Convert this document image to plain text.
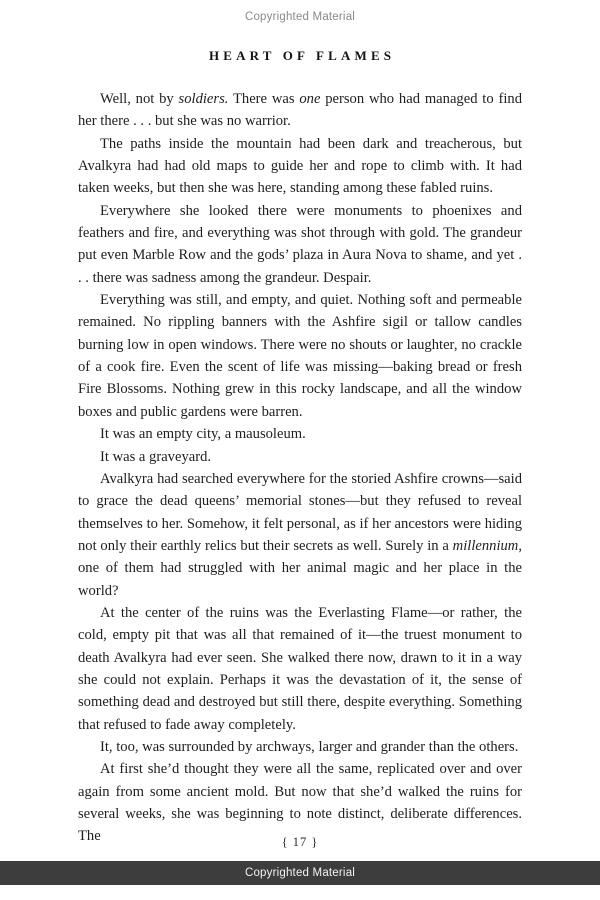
Copyrighted Material
HEART OF FLAMES

Well, not by soldiers. There was one person who had managed to find her there . . . but she was no warrior.

The paths inside the mountain had been dark and treacherous, but Avalkyra had had old maps to guide her and rope to climb with. It had taken weeks, but then she was here, standing among these fabled ruins.

Everywhere she looked there were monuments to phoenixes and feathers and fire, and everything was shot through with gold. The grandeur put even Marble Row and the gods’ plaza in Aura Nova to shame, and yet . . . there was sadness among the grandeur. Despair.

Everything was still, and empty, and quiet. Nothing soft and permeable remained. No rippling banners with the Ashfire sigil or tallow candles burning low in open windows. There were no shouts or laughter, no crackle of a cook fire. Even the scent of life was missing—baking bread or fresh Fire Blossoms. Nothing grew in this rocky landscape, and all the window boxes and public gardens were barren.

It was an empty city, a mausoleum.

It was a graveyard.

Avalkyra had searched everywhere for the storied Ashfire crowns—said to grace the dead queens’ memorial stones—but they refused to reveal themselves to her. Somehow, it felt personal, as if her ancestors were hiding not only their earthly relics but their secrets as well. Surely in a millennium, one of them had struggled with her animal magic and her place in the world?

At the center of the ruins was the Everlasting Flame—or rather, the cold, empty pit that was all that remained of it—the truest monument to death Avalkyra had ever seen. She walked there now, drawn to it in a way she could not explain. Perhaps it was the devastation of it, the sense of something dead and destroyed but still there, despite everything. Something that refused to fade away completely.

It, too, was surrounded by archways, larger and grander than the others.

At first she’d thought they were all the same, replicated over and over again from some ancient mold. But now that she’d walked the ruins for several weeks, she was beginning to note distinct, deliberate differences. The	{ 17 }
Copyrighted Material
